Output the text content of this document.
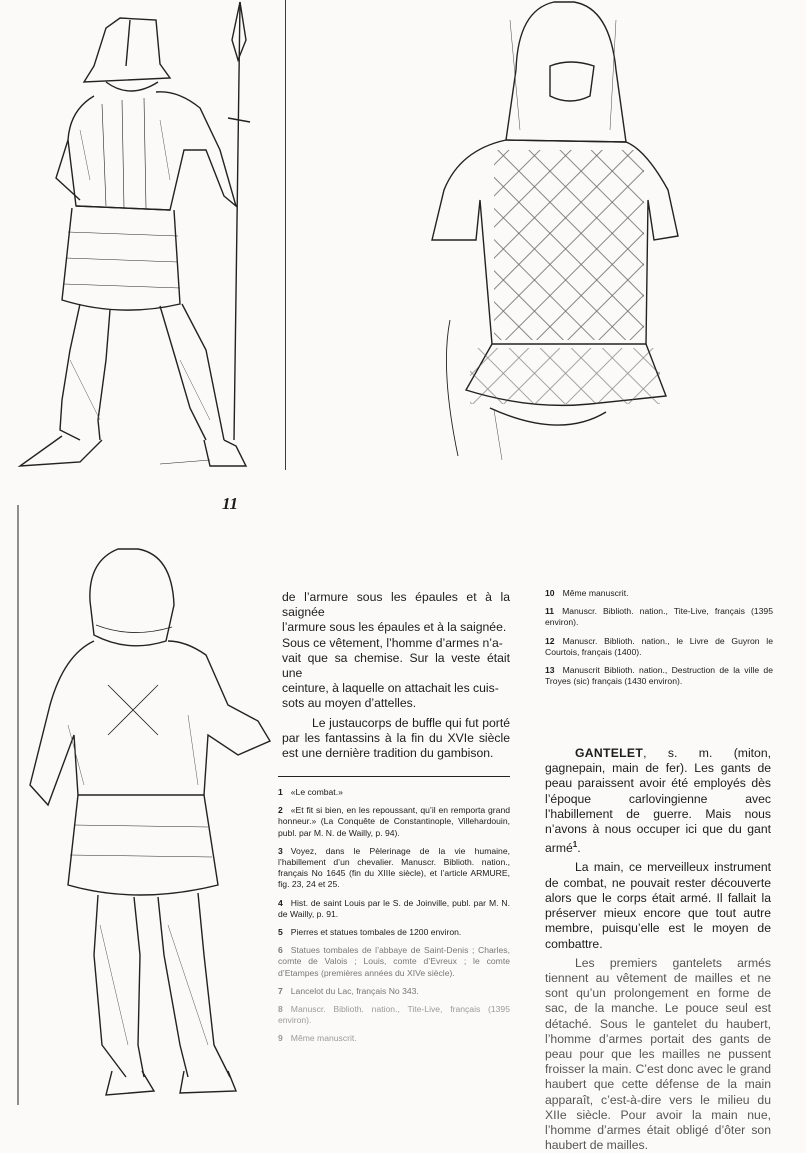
11

de l’armure sous les épaules et à la saignée

l’armure sous les épaules et à la saignée.

Sous ce vêtement, l’homme d’armes n’a-

vait que sa chemise. Sur la veste était une

ceinture, à laquelle on attachait les cuis-

sots au moyen d’attelles.

Le justaucorps de buffle qui fut porté par les fantassins à la fin du XVIe siècle est une dernière tradition du gambison.

1 «Le combat.»
2 «Et fit si bien, en les repoussant, qu’il en remporta grand honneur.» (La Conquête de Constantinople, Villehardouin, publ. par M. N. de Wailly, p. 94).
3 Voyez, dans le Pèlerinage de la vie humaine, l’habillement d’un chevalier. Manuscr. Biblioth. nation., français No 1645 (fin du XIIIe siècle), et l’article ARMURE, fig. 23, 24 et 25.
4 Hist. de saint Louis par le S. de Joinville, publ. par M. N. de Wailly, p. 91.
5 Pierres et statues tombales de 1200 environ.
6 Statues tombales de l’abbaye de Saint-Denis ; Charles, comte de Valois ; Louis, comte d’Evreux ; le comte d’Etampes (premières années du XIVe siècle).
7 Lancelot du Lac, français No 343.
8 Manuscr. Biblioth. nation., Tite-Live, français (1395 environ).
9 Même manuscrit.
10 Même manuscrit.
11 Manuscr. Biblioth. nation., Tite-Live, français (1395 environ).
12 Manuscr. Biblioth. nation., le Livre de Guyron le Courtois, français (1400).
13 Manuscrit Biblioth. nation., Destruction de la ville de Troyes (sic) français (1430 environ).

GANTELET, s. m. (miton, gagnepain, main de fer). Les gants de peau paraissent avoir été employés dès l’époque carlovingienne avec l’habillement de guerre. Mais nous n’avons à nous occuper ici que du gant armé$^1$.

La main, ce merveilleux instrument de combat, ne pouvait rester découverte alors que le corps était armé. Il fallait la préserver mieux encore que tout autre membre, puisqu’elle est le moyen de combattre.

Les premiers gantelets armés tiennent au vêtement de mailles et ne sont qu’un prolongement en forme de sac, de la manche. Le pouce seul est détaché. Sous le gantelet du haubert, l’homme d’armes portait des gants de peau pour que les mailles ne pussent froisser la main. C’est donc avec le grand haubert que cette défense de la main apparaît, c’est-à-dire vers le milieu du XIIe siècle. Pour avoir la main nue, l’homme d’armes était obligé d’ôter son haubert de mailles.
